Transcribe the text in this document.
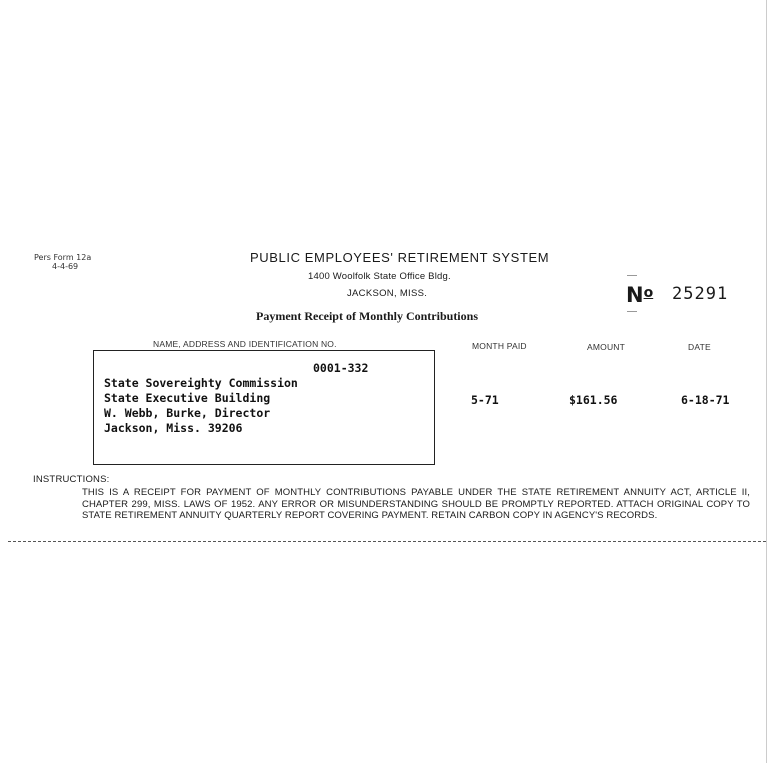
Pers Form 12a
4-4-69
PUBLIC EMPLOYEES' RETIREMENT SYSTEM
1400 Woolfolk State Office Bldg.
JACKSON, MISS.
Payment Receipt of Monthly Contributions
$N^o$ 25291
NAME, ADDRESS AND IDENTIFICATION NO.	MONTH PAID	AMOUNT	DATE
0001-332
State Sovereighty Commission
State Executive Building
W. Webb, Burke, Director
Jackson, Miss. 39206
5-71	$161.56	6-18-71
INSTRUCTIONS:
THIS IS A RECEIPT FOR PAYMENT OF MONTHLY CONTRIBUTIONS PAYABLE UNDER THE STATE RETIREMENT ANNUITY ACT, ARTICLE II, CHAPTER 299, MISS. LAWS OF 1952. ANY ERROR OR MISUNDERSTANDING SHOULD BE PROMPTLY REPORTED. ATTACH ORIGINAL COPY TO STATE RETIREMENT ANNUITY QUARTERLY REPORT COVERING PAYMENT. RETAIN CARBON COPY IN AGENCY'S RECORDS.
